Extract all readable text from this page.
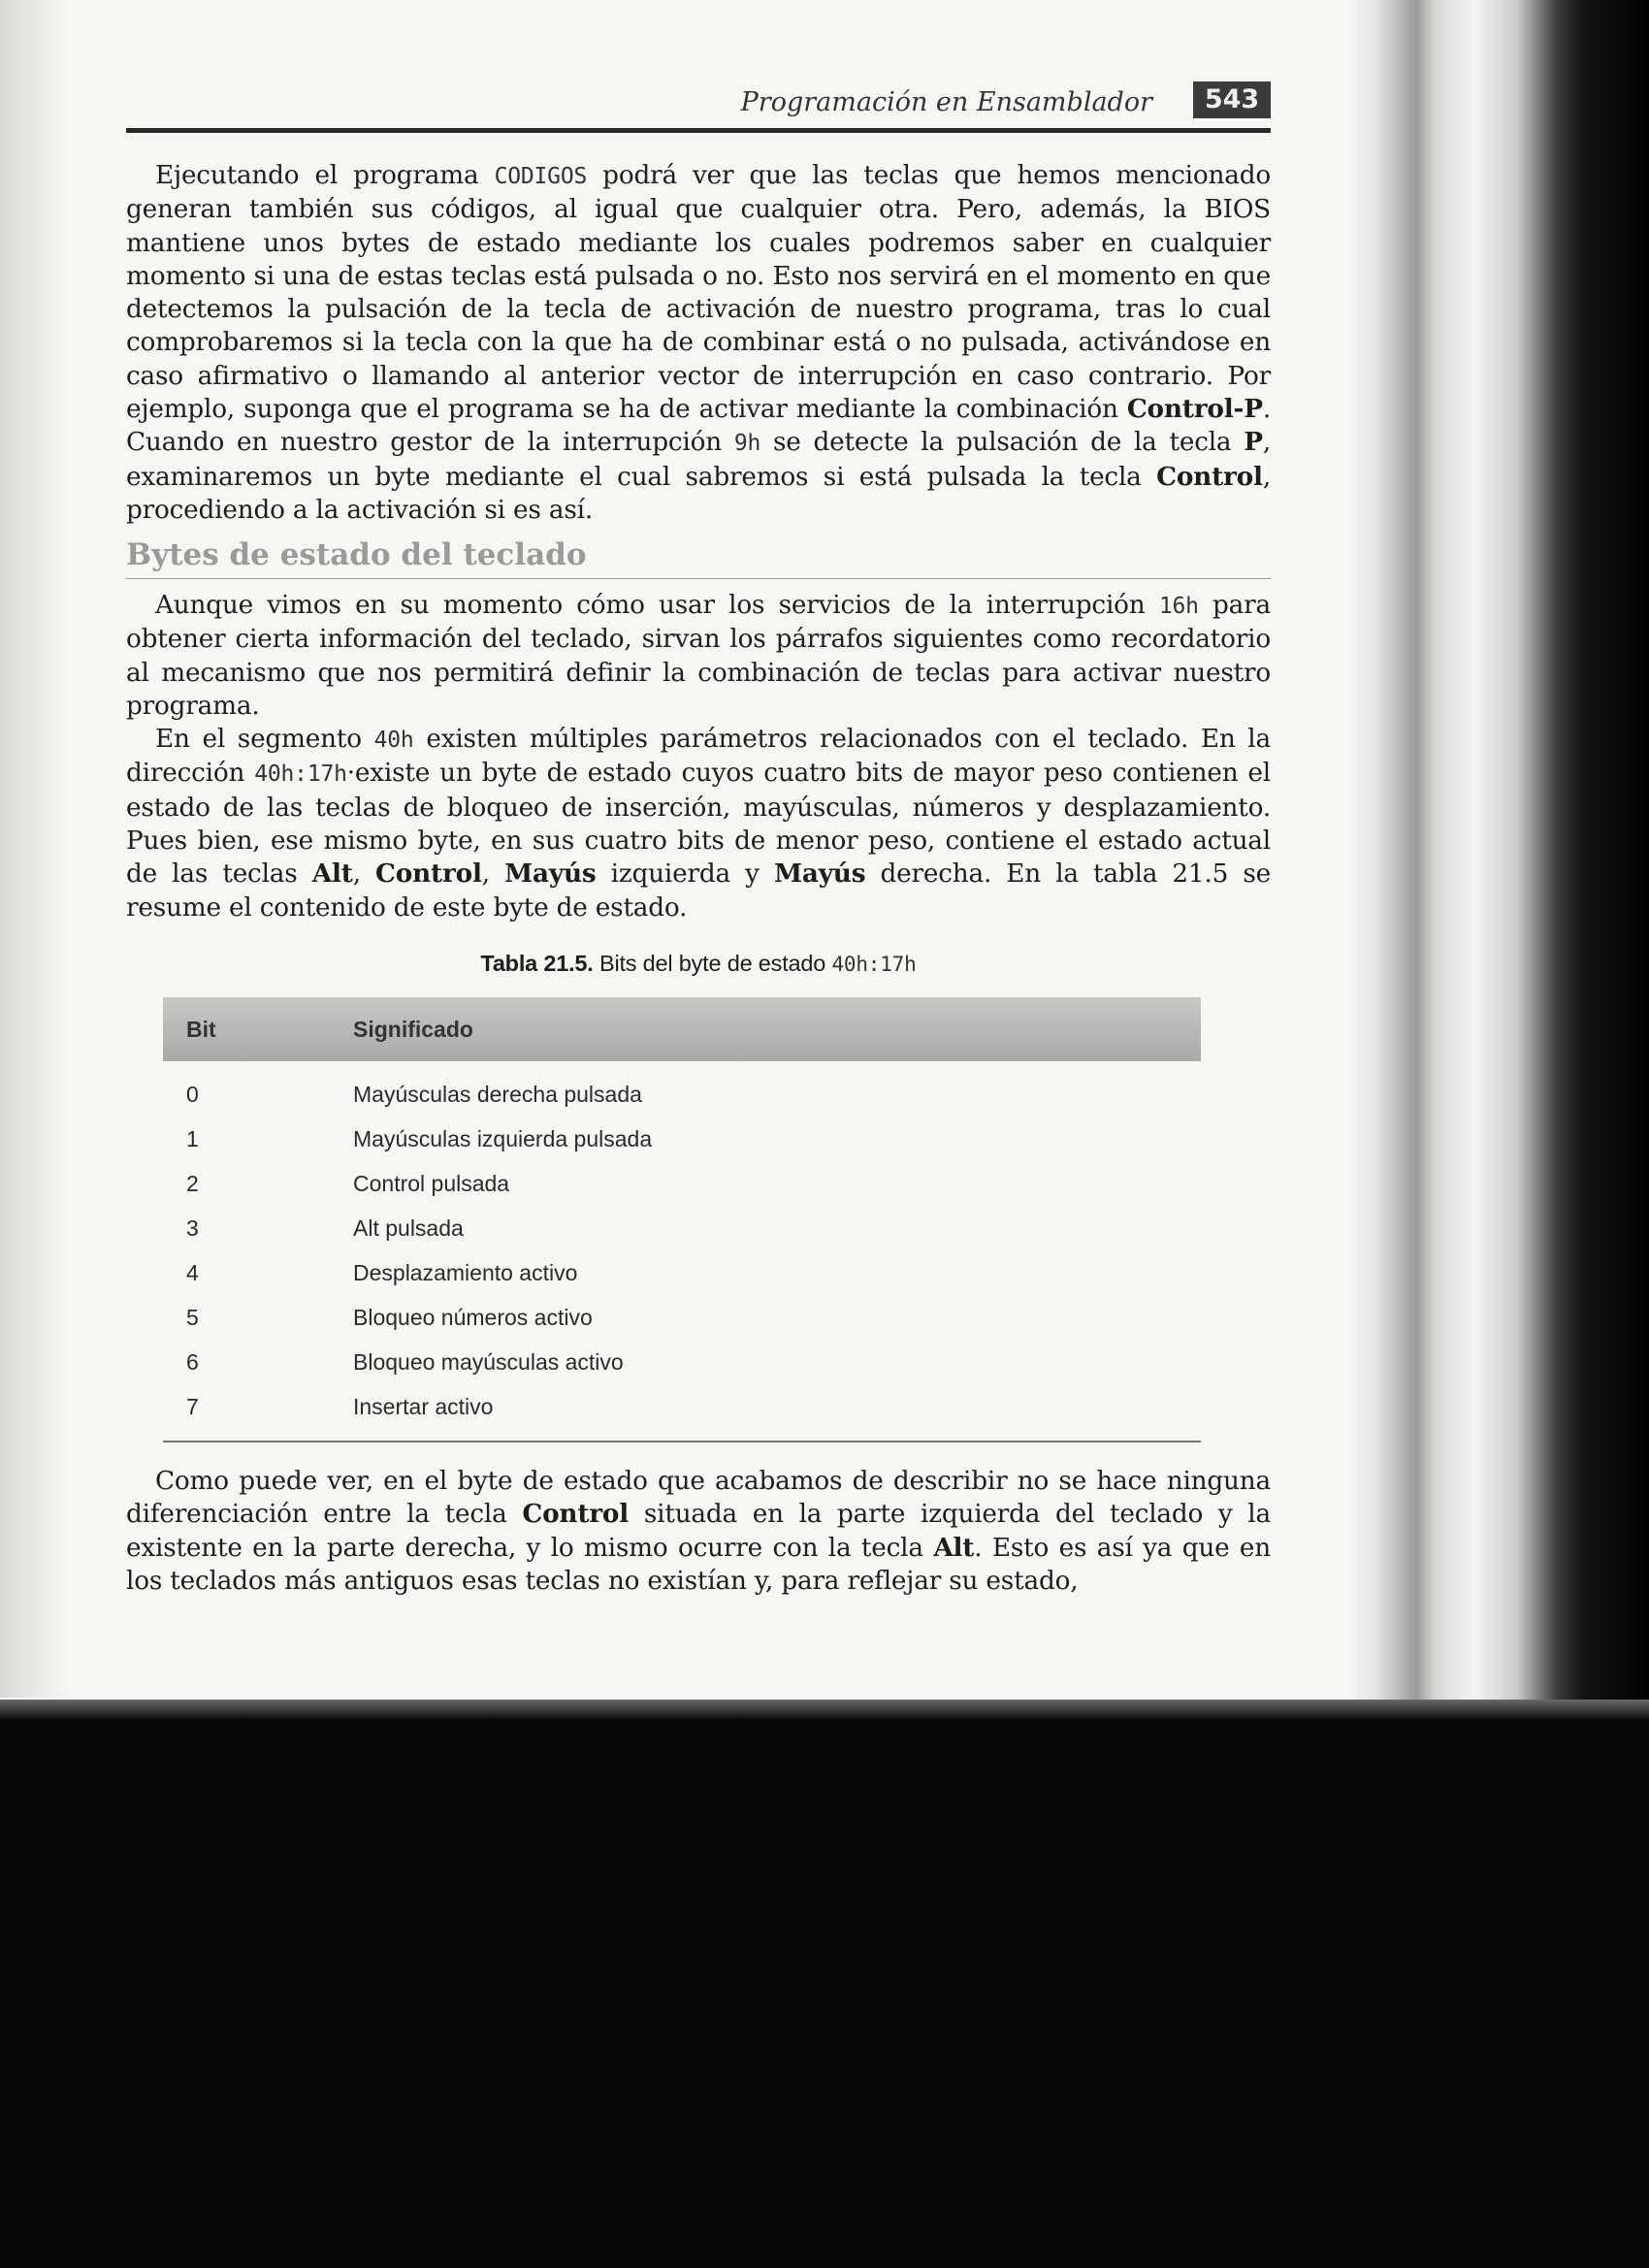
Programación en Ensamblador	543

Ejecutando el programa CODIGOS podrá ver que las teclas que hemos mencionado generan también sus códigos, al igual que cualquier otra. Pero, además, la BIOS mantiene unos bytes de estado mediante los cuales podremos saber en cualquier momento si una de estas teclas está pulsada o no. Esto nos servirá en el momento en que detectemos la pulsación de la tecla de activación de nuestro programa, tras lo cual comprobaremos si la tecla con la que ha de combinar está o no pulsada, activándose en caso afirmativo o llamando al anterior vector de interrupción en caso contrario. Por ejemplo, suponga que el programa se ha de activar mediante la combinación Control-P. Cuando en nuestro gestor de la interrupción 9h se detecte la pulsación de la tecla P, examinaremos un byte mediante el cual sabremos si está pulsada la tecla Control, procediendo a la activación si es así.

Bytes de estado del teclado

Aunque vimos en su momento cómo usar los servicios de la interrupción 16h para obtener cierta información del teclado, sirvan los párrafos siguientes como recordatorio al mecanismo que nos permitirá definir la combinación de teclas para activar nuestro programa.

En el segmento 40h existen múltiples parámetros relacionados con el teclado. En la dirección 40h:17h·existe un byte de estado cuyos cuatro bits de mayor peso contienen el estado de las teclas de bloqueo de inserción, mayúsculas, números y desplazamiento. Pues bien, ese mismo byte, en sus cuatro bits de menor peso, contiene el estado actual de las teclas Alt, Control, Mayús izquierda y Mayús derecha. En la tabla 21.5 se resume el contenido de este byte de estado.

Tabla 21.5. Bits del byte de estado 40h:17h

Bit	Significado
0	Mayúsculas derecha pulsada
1	Mayúsculas izquierda pulsada
2	Control pulsada
3	Alt pulsada
4	Desplazamiento activo
5	Bloqueo números activo
6	Bloqueo mayúsculas activo
7	Insertar activo

Como puede ver, en el byte de estado que acabamos de describir no se hace ninguna diferenciación entre la tecla Control situada en la parte izquierda del teclado y la existente en la parte derecha, y lo mismo ocurre con la tecla Alt. Esto es así ya que en los teclados más antiguos esas teclas no existían y, para reflejar su estado,
